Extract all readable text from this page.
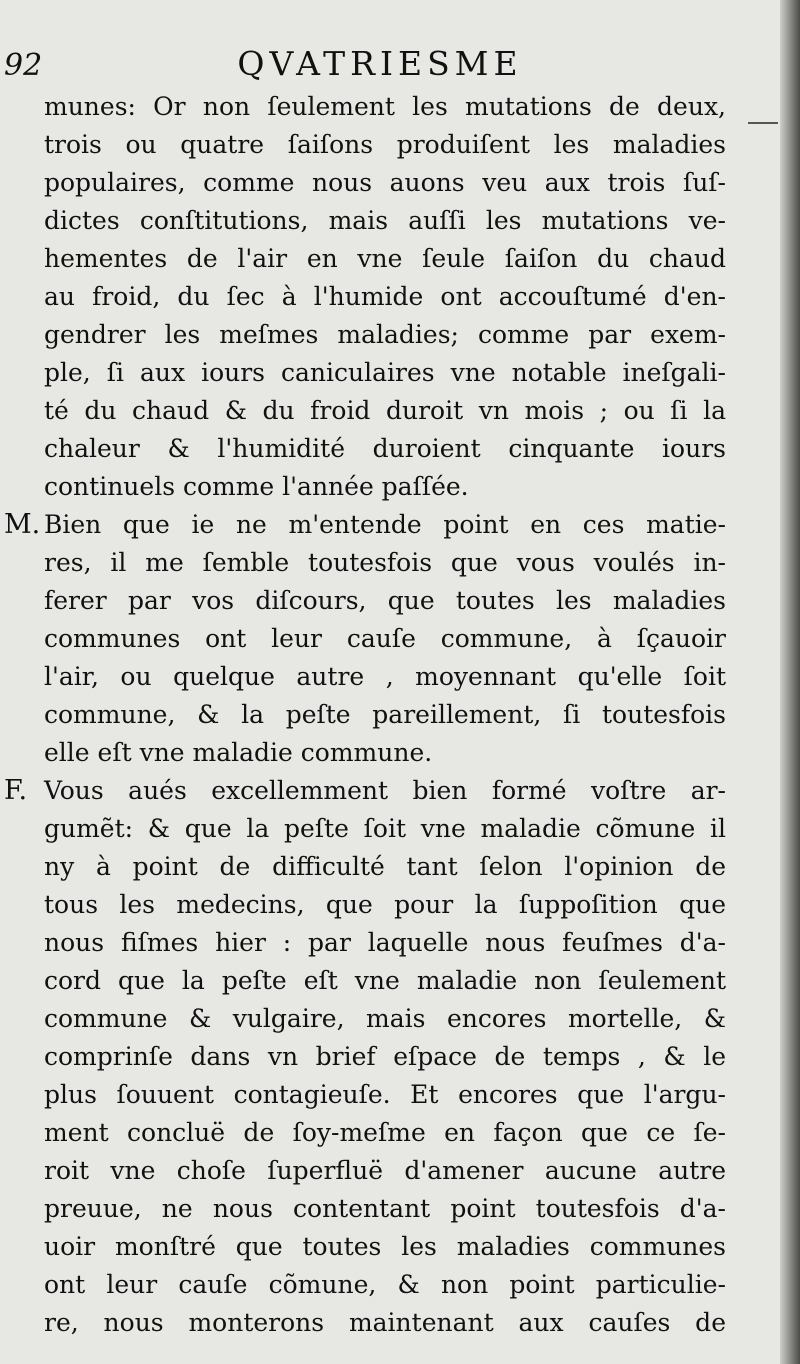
92	QVATRIESME
munes: Or non ſeulement les mutations de deux,
trois ou quatre ſaiſons produiſent les maladies
populaires, comme nous auons veu aux trois ſuſ-
dictes conſtitutions, mais auſſi les mutations ve-
hementes de l'air en vne ſeule ſaiſon du chaud
au froid, du ſec à l'humide ont accouſtumé d'en-
gendrer les meſmes maladies; comme par exem-
ple, ſi aux iours caniculaires vne notable ineſgali-
té du chaud & du froid duroit vn mois ; ou ſi la
chaleur & l'humidité duroient cinquante iours
continuels comme l'année paſſée.
M. Bien que ie ne m'entende point en ces matie-
res, il me ſemble toutesfois que vous voulés in-
ferer par vos diſcours, que toutes les maladies
communes ont leur cauſe commune, à ſçauoir
l'air, ou quelque autre , moyennant qu'elle ſoit
commune, & la peſte pareillement, ſi toutesfois
elle eſt vne maladie commune.
F. Vous aués excellemment bien formé voſtre ar-
gumẽt: & que la peſte ſoit vne maladie cõmune il
ny à point de difficulté tant ſelon l'opinion de
tous les medecins, que pour la ſuppoſition que
nous fiſmes hier : par laquelle nous feuſmes d'a-
cord que la peſte eſt vne maladie non ſeulement
commune & vulgaire, mais encores mortelle, &
comprinſe dans vn brief eſpace de temps , & le
plus ſouuent contagieuſe. Et encores que l'argu-
ment concluë de ſoy-meſme en façon que ce ſe-
roit vne choſe ſuperfluë d'amener aucune autre
preuue, ne nous contentant point toutesfois d'a-
uoir monſtré que toutes les maladies communes
ont leur cauſe cõmune, & non point particulie-
re, nous monterons maintenant aux cauſes de
